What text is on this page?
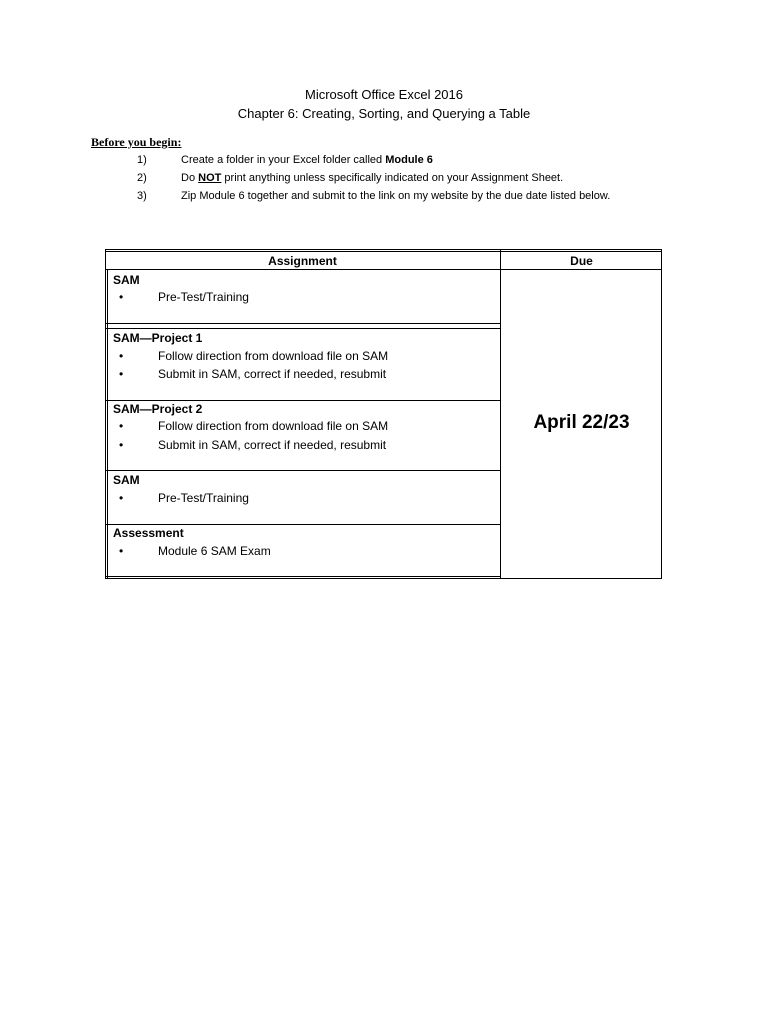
Microsoft Office Excel 2016
Chapter 6: Creating, Sorting, and Querying a Table
Before you begin:
1)	Create a folder in your Excel folder called Module 6
2)	Do NOT print anything unless specifically indicated on your Assignment Sheet.
3)	Zip Module 6 together and submit to the link on my website by the due date listed below.
Assignment	Due
SAM
•	Pre-Test/Training
SAM—Project 1
•	Follow direction from download file on SAM
•	Submit in SAM, correct if needed, resubmit
SAM—Project 2
•	Follow direction from download file on SAM
•	Submit in SAM, correct if needed, resubmit
SAM
•	Pre-Test/Training
Assessment
•	Module 6 SAM Exam
April 22/23
